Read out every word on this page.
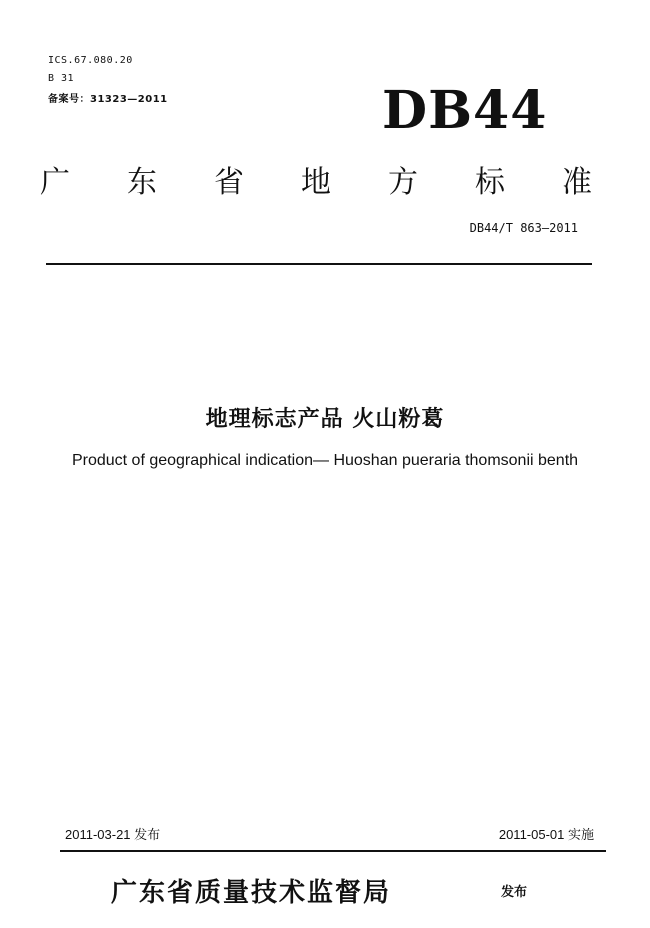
ICS.67.080.20
B 31
备案号：31323—2011	DB44
广 东 省 地 方 标 准
DB44/T 863—2011
地理标志产品 火山粉葛
Product of geographical indication— Huoshan pueraria thomsonii benth
2011-03-21 发布	2011-05-01 实施
广东省质量技术监督局	发布
